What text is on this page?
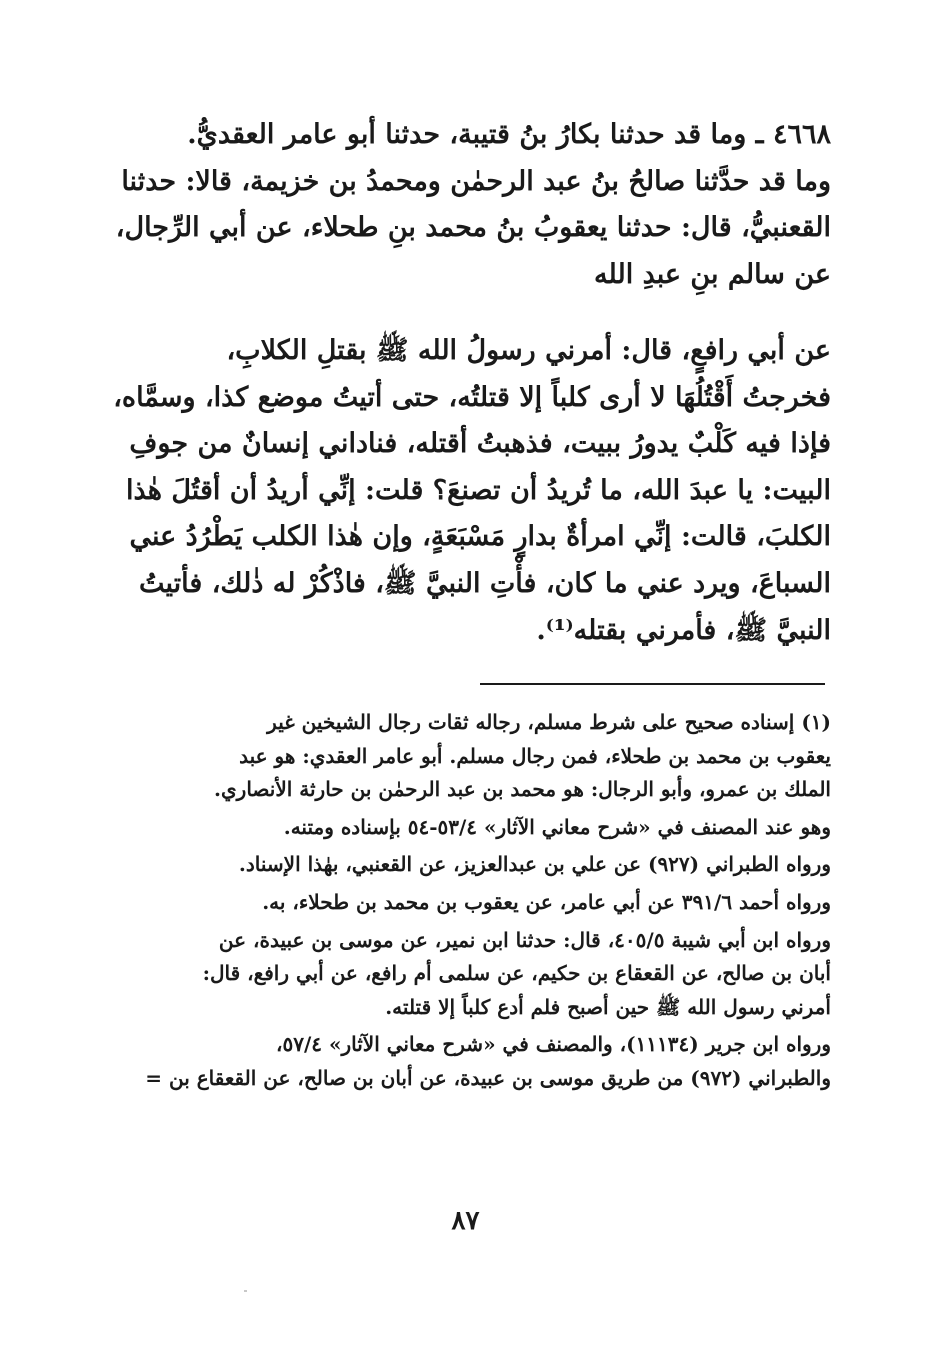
٤٦٦٨ ـ وما قد حدثنا بكارُ بنُ قتيبة، حدثنا أبو عامر العقديُّ.

وما قد حدَّثنا صالحُ بنُ عبد الرحمٰن ومحمدُ بن خزيمة، قالا: حدثنا

القعنبيُّ، قال: حدثنا يعقوبُ بنُ محمد بنِ طحلاء، عن أبي الرِّجال،

عن سالم بنِ عبدِ الله

عن أبي رافعٍ، قال: أمرني رسولُ الله ﷺ بقتلِ الكلابِ،

فخرجتُ أَقْتُلُهَا لا أرى كلباً إلا قتلتُه، حتى أتيتُ موضع كذا، وسمَّاه،

فإذا فيه كَلْبٌ يدورُ ببيت، فذهبتُ أقتله، فناداني إنسانٌ من جوفِ

البيت: يا عبدَ الله، ما تُريدُ أن تصنعَ؟ قلت: إنِّي أريدُ أن أقتُلَ هٰذا

الكلبَ، قالت: إنِّي امرأةٌ بدارٍ مَسْبَعَةٍ، وإن هٰذا الكلب يَطْرُدُ عني

السباعَ، ويرد عني ما كان، فأْتِ النبيَّ ﷺ، فاذْكُرْ له ذٰلك، فأتيتُ

النبيَّ ﷺ، فأمرني بقتله⁽¹⁾.

(١) إسناده صحيح على شرط مسلم، رجاله ثقات رجال الشيخين غير

يعقوب بن محمد بن طحلاء، فمن رجال مسلم. أبو عامر العقدي: هو عبد

الملك بن عمرو، وأبو الرجال: هو محمد بن عبد الرحمٰن بن حارثة الأنصاري.

وهو عند المصنف في «شرح معاني الآثار» ٥٣/٤-٥٤ بإسناده ومتنه.

ورواه الطبراني (٩٢٧) عن علي بن عبدالعزيز، عن القعنبي، بهٰذا الإسناد.

ورواه أحمد ٣٩١/٦ عن أبي عامر، عن يعقوب بن محمد بن طحلاء، به.

ورواه ابن أبي شيبة ٤٠٥/٥، قال: حدثنا ابن نمير، عن موسى بن عبيدة، عن

أبان بن صالح، عن القعقاع بن حكيم، عن سلمى أم رافع، عن أبي رافع، قال:

أمرني رسول الله ﷺ حين أصبح فلم أدع كلباً إلا قتلته.

ورواه ابن جرير (١١١٣٤)، والمصنف في «شرح معاني الآثار» ٥٧/٤،

والطبراني (٩٧٢) من طريق موسى بن عبيدة، عن أبان بن صالح، عن القعقاع بن =

٨٧
